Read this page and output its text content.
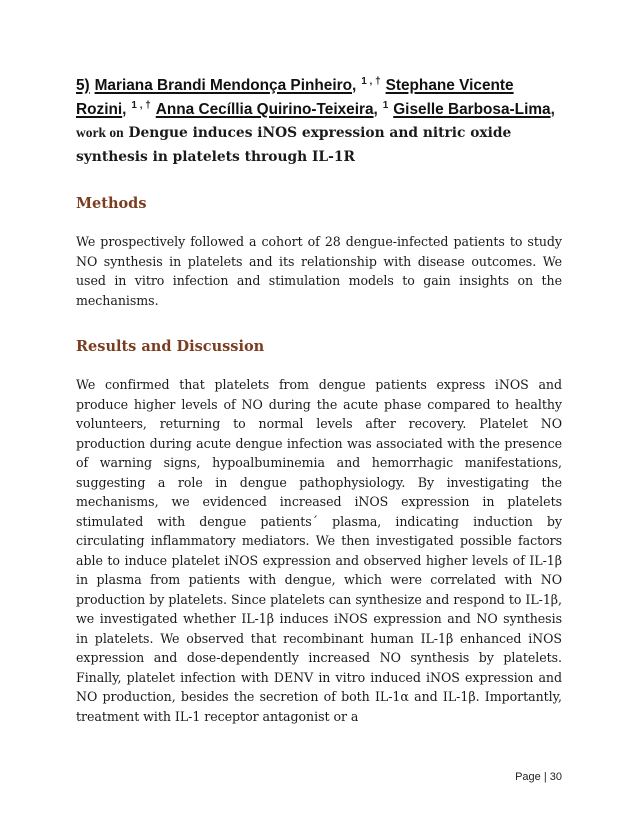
5) Mariana Brandi Mendonça Pinheiro, $^{1 , \dagger}$ Stephane Vicente Rozini, $^{1 , \dagger}$ Anna Cecíllia Quirino-Teixeira, $^1$ Giselle Barbosa-Lima, work on Dengue induces iNOS expression and nitric oxide synthesis in platelets through IL-1R
Methods

We prospectively followed a cohort of 28 dengue-infected patients to study NO synthesis in platelets and its relationship with disease outcomes. We used in vitro infection and stimulation models to gain insights on the mechanisms.

Results and Discussion

We confirmed that platelets from dengue patients express iNOS and produce higher levels of NO during the acute phase compared to healthy volunteers, returning to normal levels after recovery. Platelet NO production during acute dengue infection was associated with the presence of warning signs, hypoalbuminemia and hemorrhagic manifestations, suggesting a role in dengue pathophysiology. By investigating the mechanisms, we evidenced increased iNOS expression in platelets stimulated with dengue patients´ plasma, indicating induction by circulating inflammatory mediators. We then investigated possible factors able to induce platelet iNOS expression and observed higher levels of IL-1β in plasma from patients with dengue, which were correlated with NO production by platelets. Since platelets can synthesize and respond to IL-1β, we investigated whether IL-1β induces iNOS expression and NO synthesis in platelets. We observed that recombinant human IL-1β enhanced iNOS expression and dose-dependently increased NO synthesis by platelets. Finally, platelet infection with DENV in vitro induced iNOS expression and NO production, besides the secretion of both IL-1α and IL-1β. Importantly, treatment with IL-1 receptor antagonist or a

Page | 30
